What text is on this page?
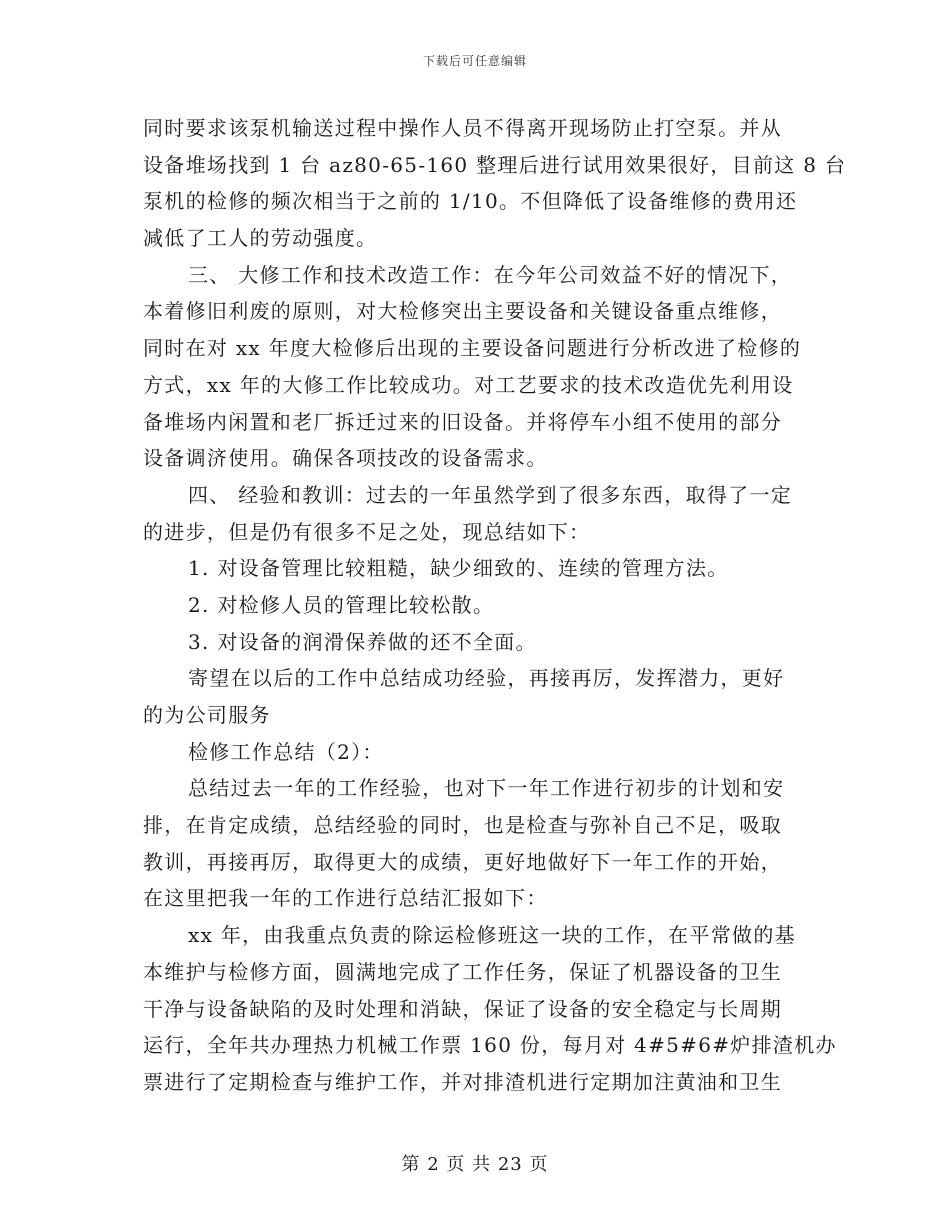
下载后可任意编辑
同时要求该泵机输送过程中操作人员不得离开现场防止打空泵。并从
设备堆场找到 1 台 az80-65-160 整理后进行试用效果很好，目前这 8 台
泵机的检修的频次相当于之前的 1/10。不但降低了设备维修的费用还
减低了工人的劳动强度。
三、 大修工作和技术改造工作：在今年公司效益不好的情况下，
本着修旧利废的原则，对大检修突出主要设备和关键设备重点维修，
同时在对 xx 年度大检修后出现的主要设备问题进行分析改进了检修的
方式，xx 年的大修工作比较成功。对工艺要求的技术改造优先利用设
备堆场内闲置和老厂拆迁过来的旧设备。并将停车小组不使用的部分
设备调济使用。确保各项技改的设备需求。
四、 经验和教训：过去的一年虽然学到了很多东西，取得了一定
的进步，但是仍有很多不足之处，现总结如下：
1. 对设备管理比较粗糙，缺少细致的、连续的管理方法。
2. 对检修人员的管理比较松散。
3. 对设备的润滑保养做的还不全面。
寄望在以后的工作中总结成功经验，再接再厉，发挥潜力，更好
的为公司服务
检修工作总结（2）：
总结过去一年的工作经验，也对下一年工作进行初步的计划和安
排，在肯定成绩，总结经验的同时，也是检查与弥补自己不足，吸取
教训，再接再厉，取得更大的成绩，更好地做好下一年工作的开始，
在这里把我一年的工作进行总结汇报如下：
xx 年，由我重点负责的除运检修班这一块的工作，在平常做的基
本维护与检修方面，圆满地完成了工作任务，保证了机器设备的卫生
干净与设备缺陷的及时处理和消缺，保证了设备的安全稳定与长周期
运行，全年共办理热力机械工作票 160 份，每月对 4#5#6#炉排渣机办
票进行了定期检查与维护工作，并对排渣机进行定期加注黄油和卫生
第 2 页 共 23 页
